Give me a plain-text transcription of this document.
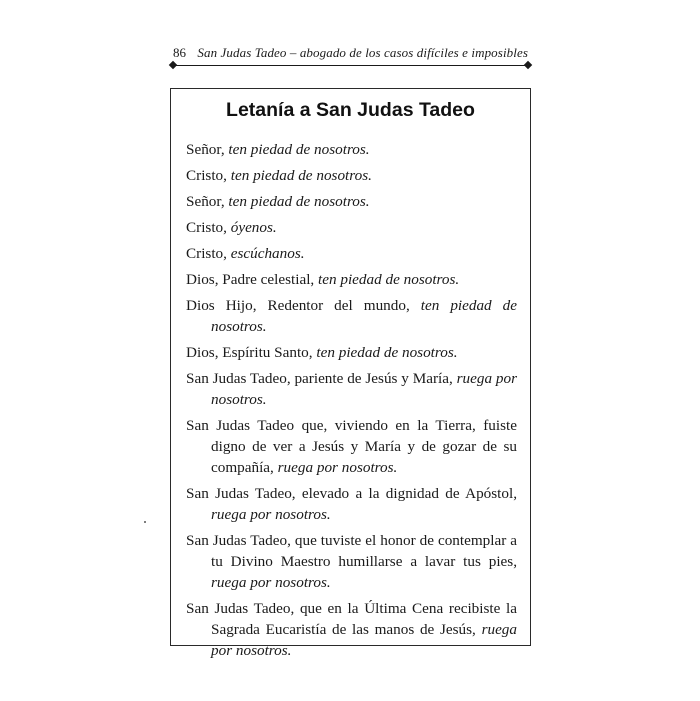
86 San Judas Tadeo – abogado de los casos difíciles e imposibles
Letanía a San Judas Tadeo
Señor, ten piedad de nosotros.
Cristo, ten piedad de nosotros.
Señor, ten piedad de nosotros.
Cristo, óyenos.
Cristo, escúchanos.
Dios, Padre celestial, ten piedad de nosotros.
Dios Hijo, Redentor del mundo, ten piedad de nosotros.
Dios, Espíritu Santo, ten piedad de nosotros.
San Judas Tadeo, pariente de Jesús y María, ruega por nosotros.
San Judas Tadeo que, viviendo en la Tierra, fuiste digno de ver a Jesús y María y de gozar de su compañía, ruega por nosotros.
San Judas Tadeo, elevado a la dignidad de Apóstol, ruega por nosotros.
San Judas Tadeo, que tuviste el honor de contemplar a tu Divino Maestro humillarse a lavar tus pies, ruega por nosotros.
San Judas Tadeo, que en la Última Cena recibiste la Sagrada Eucaristía de las manos de Jesús, ruega por nosotros.
